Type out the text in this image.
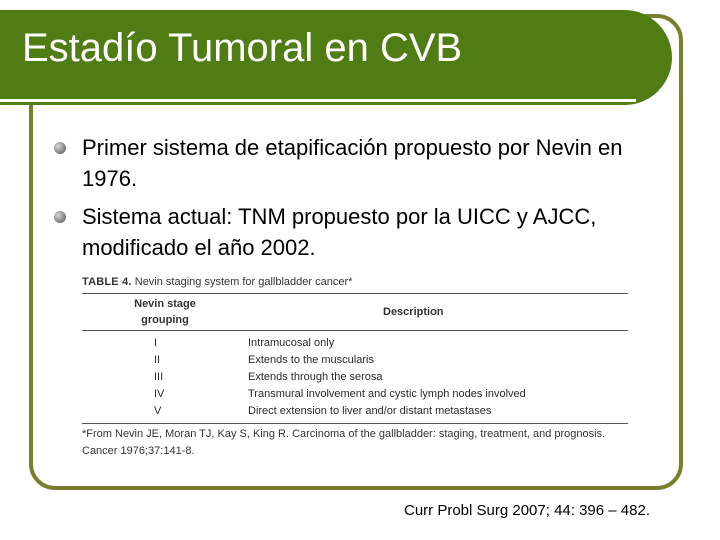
Estadío Tumoral en CVB
Primer sistema de etapificación propuesto por Nevin en 1976.
Sistema actual: TNM propuesto por la UICC y AJCC, modificado el año 2002.
TABLE 4. Nevin staging system for gallbladder cancer*
Nevin stage
grouping	Description
I	Intramucosal only
II	Extends to the muscularis
III	Extends through the serosa
IV	Transmural involvement and cystic lymph nodes involved
V	Direct extension to liver and/or distant metastases
*From Nevin JE, Moran TJ, Kay S, King R. Carcinoma of the gallbladder: staging, treatment, and prognosis. Cancer 1976;37:141-8.
Curr Probl Surg 2007; 44: 396 – 482.
